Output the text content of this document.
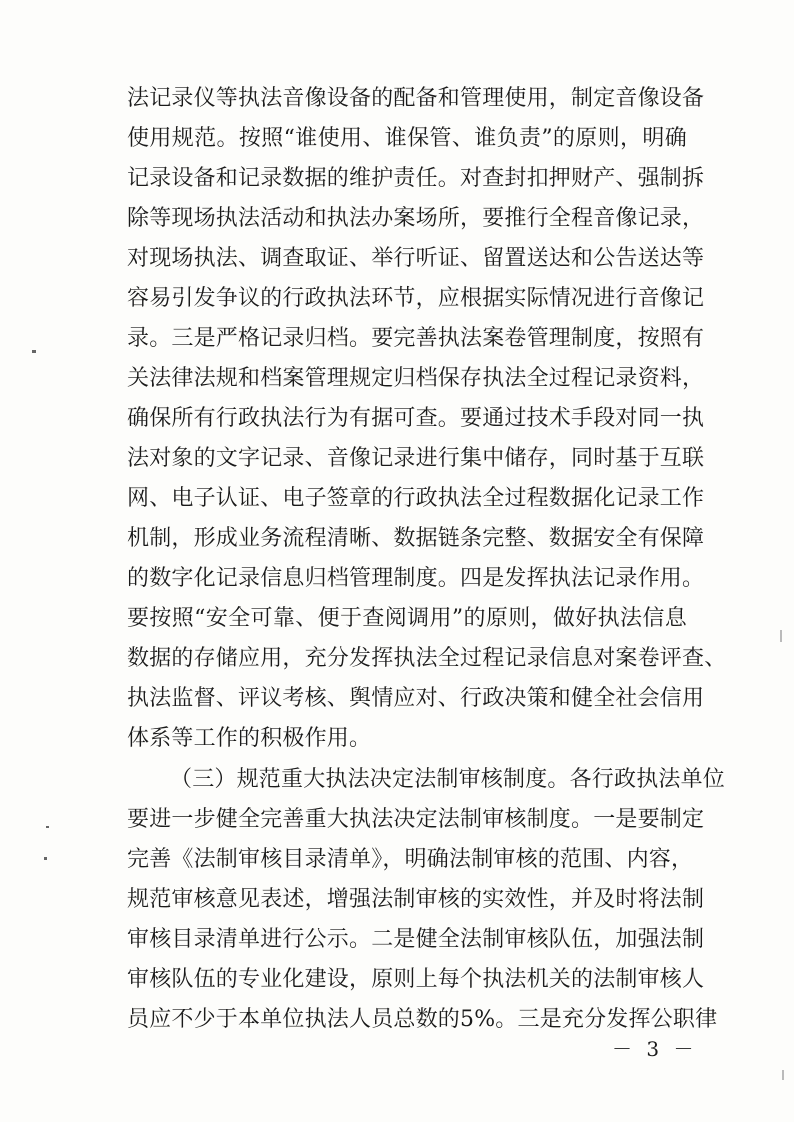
法记录仪等执法音像设备的配备和管理使用，制定音像设备
使用规范。按照“谁使用、谁保管、谁负责”的原则，明确
记录设备和记录数据的维护责任。对查封扣押财产、强制拆
除等现场执法活动和执法办案场所，要推行全程音像记录，
对现场执法、调查取证、举行听证、留置送达和公告送达等
容易引发争议的行政执法环节，应根据实际情况进行音像记
录。三是严格记录归档。要完善执法案卷管理制度，按照有
关法律法规和档案管理规定归档保存执法全过程记录资料，
确保所有行政执法行为有据可查。要通过技术手段对同一执
法对象的文字记录、音像记录进行集中储存，同时基于互联
网、电子认证、电子签章的行政执法全过程数据化记录工作
机制，形成业务流程清晰、数据链条完整、数据安全有保障
的数字化记录信息归档管理制度。四是发挥执法记录作用。
要按照“安全可靠、便于查阅调用”的原则，做好执法信息
数据的存储应用，充分发挥执法全过程记录信息对案卷评查、
执法监督、评议考核、舆情应对、行政决策和健全社会信用
体系等工作的积极作用。
（三）规范重大执法决定法制审核制度。各行政执法单位
要进一步健全完善重大执法决定法制审核制度。一是要制定
完善《法制审核目录清单》，明确法制审核的范围、内容，
规范审核意见表述，增强法制审核的实效性，并及时将法制
审核目录清单进行公示。二是健全法制审核队伍，加强法制
审核队伍的专业化建设，原则上每个执法机关的法制审核人
员应不少于本单位执法人员总数的5%。三是充分发挥公职律
－ 3 －
